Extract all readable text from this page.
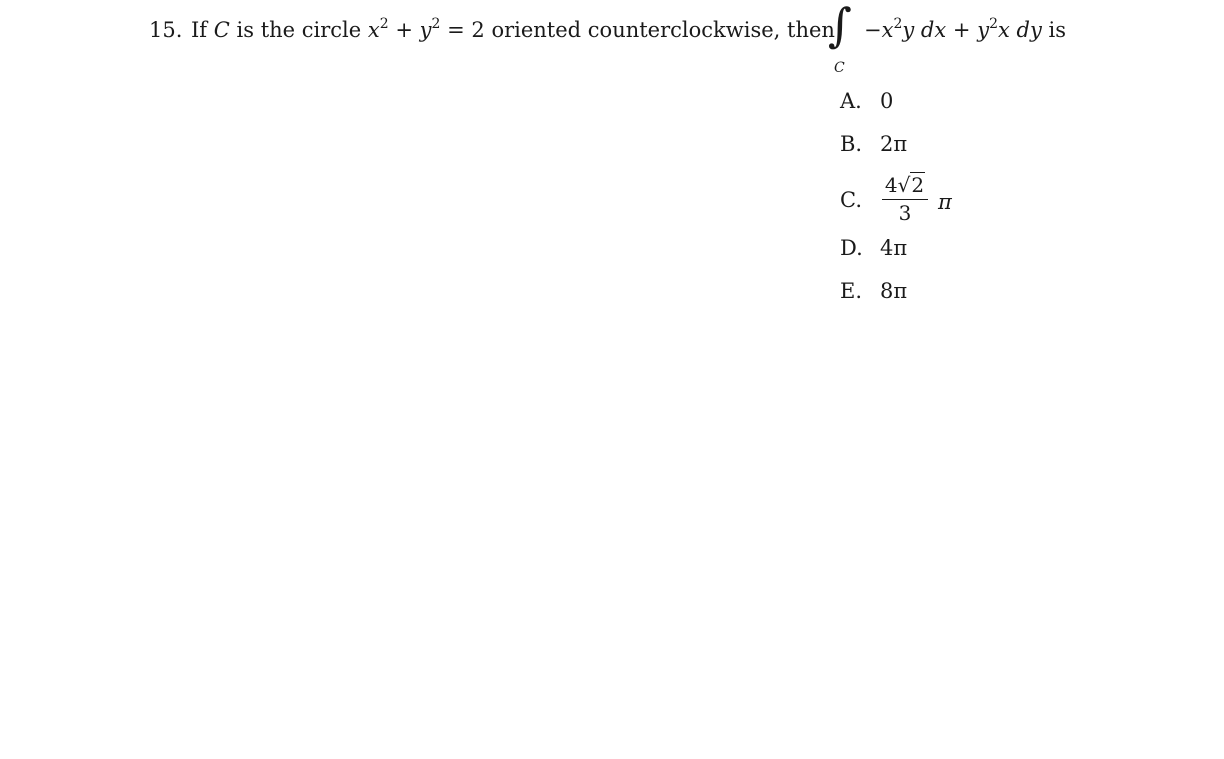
15. If C is the circle $x^2 + y^2 = 2$ oriented counterclockwise, then
∫
C
$-x^2y$ dx + $y^2x$ dy is
A. 0
B. 2π
C.
4√2
3	π
D. 4π
E. 8π
